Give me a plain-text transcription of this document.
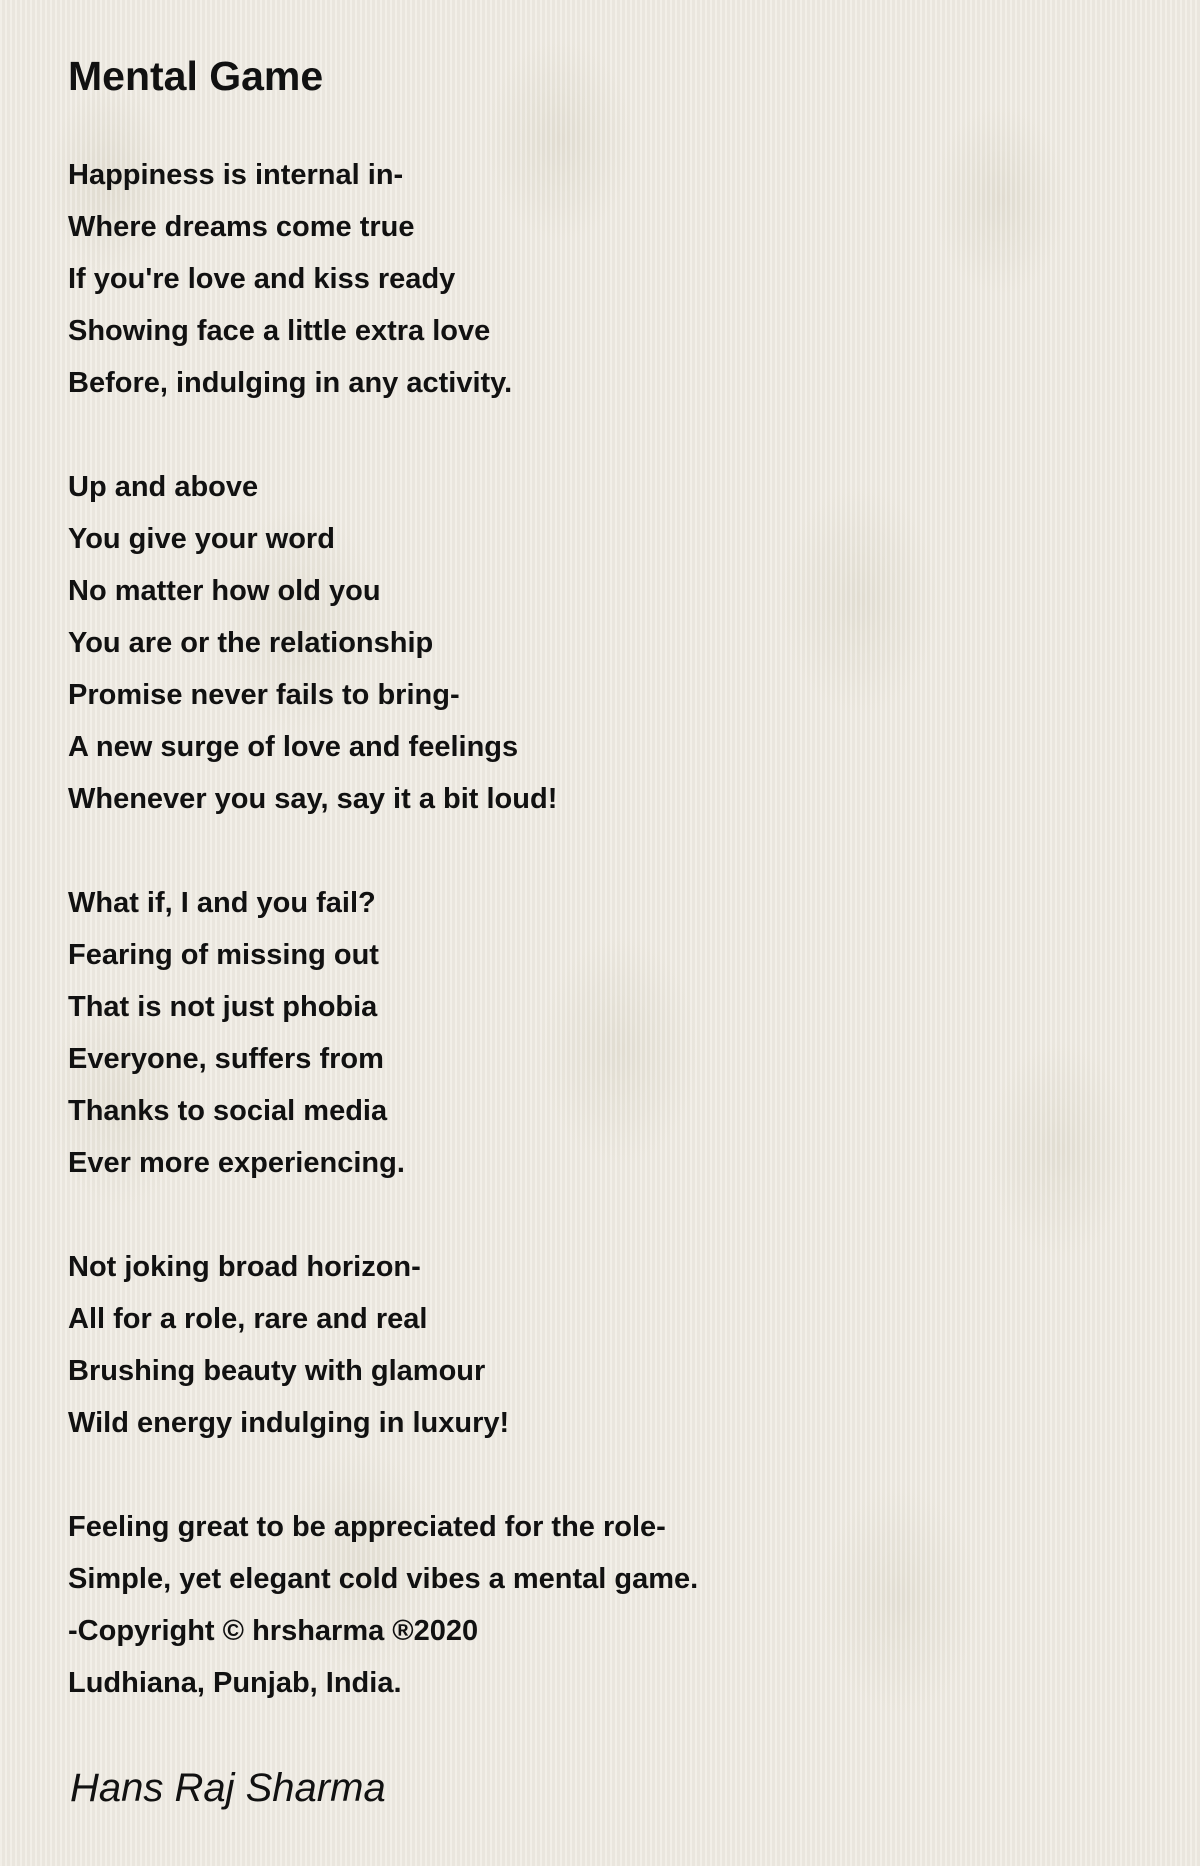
Mental Game
Happiness is internal in-
Where dreams come true
If you're love and kiss ready
Showing face a little extra love
Before, indulging in any activity.
Up and above
You give your word
No matter how old you
You are or the relationship
Promise never fails to bring-
A new surge of love and feelings
Whenever you say, say it a bit loud!
What if, I and you fail?
Fearing of missing out
That is not just phobia
Everyone, suffers from
Thanks to social media
Ever more experiencing.
Not joking broad horizon-
All for a role, rare and real
Brushing beauty with glamour
Wild energy indulging in luxury!
Feeling great to be appreciated for the role-
Simple, yet elegant cold vibes a mental game.
-Copyright © hrsharma ®2020
Ludhiana, Punjab, India.

Hans Raj Sharma
